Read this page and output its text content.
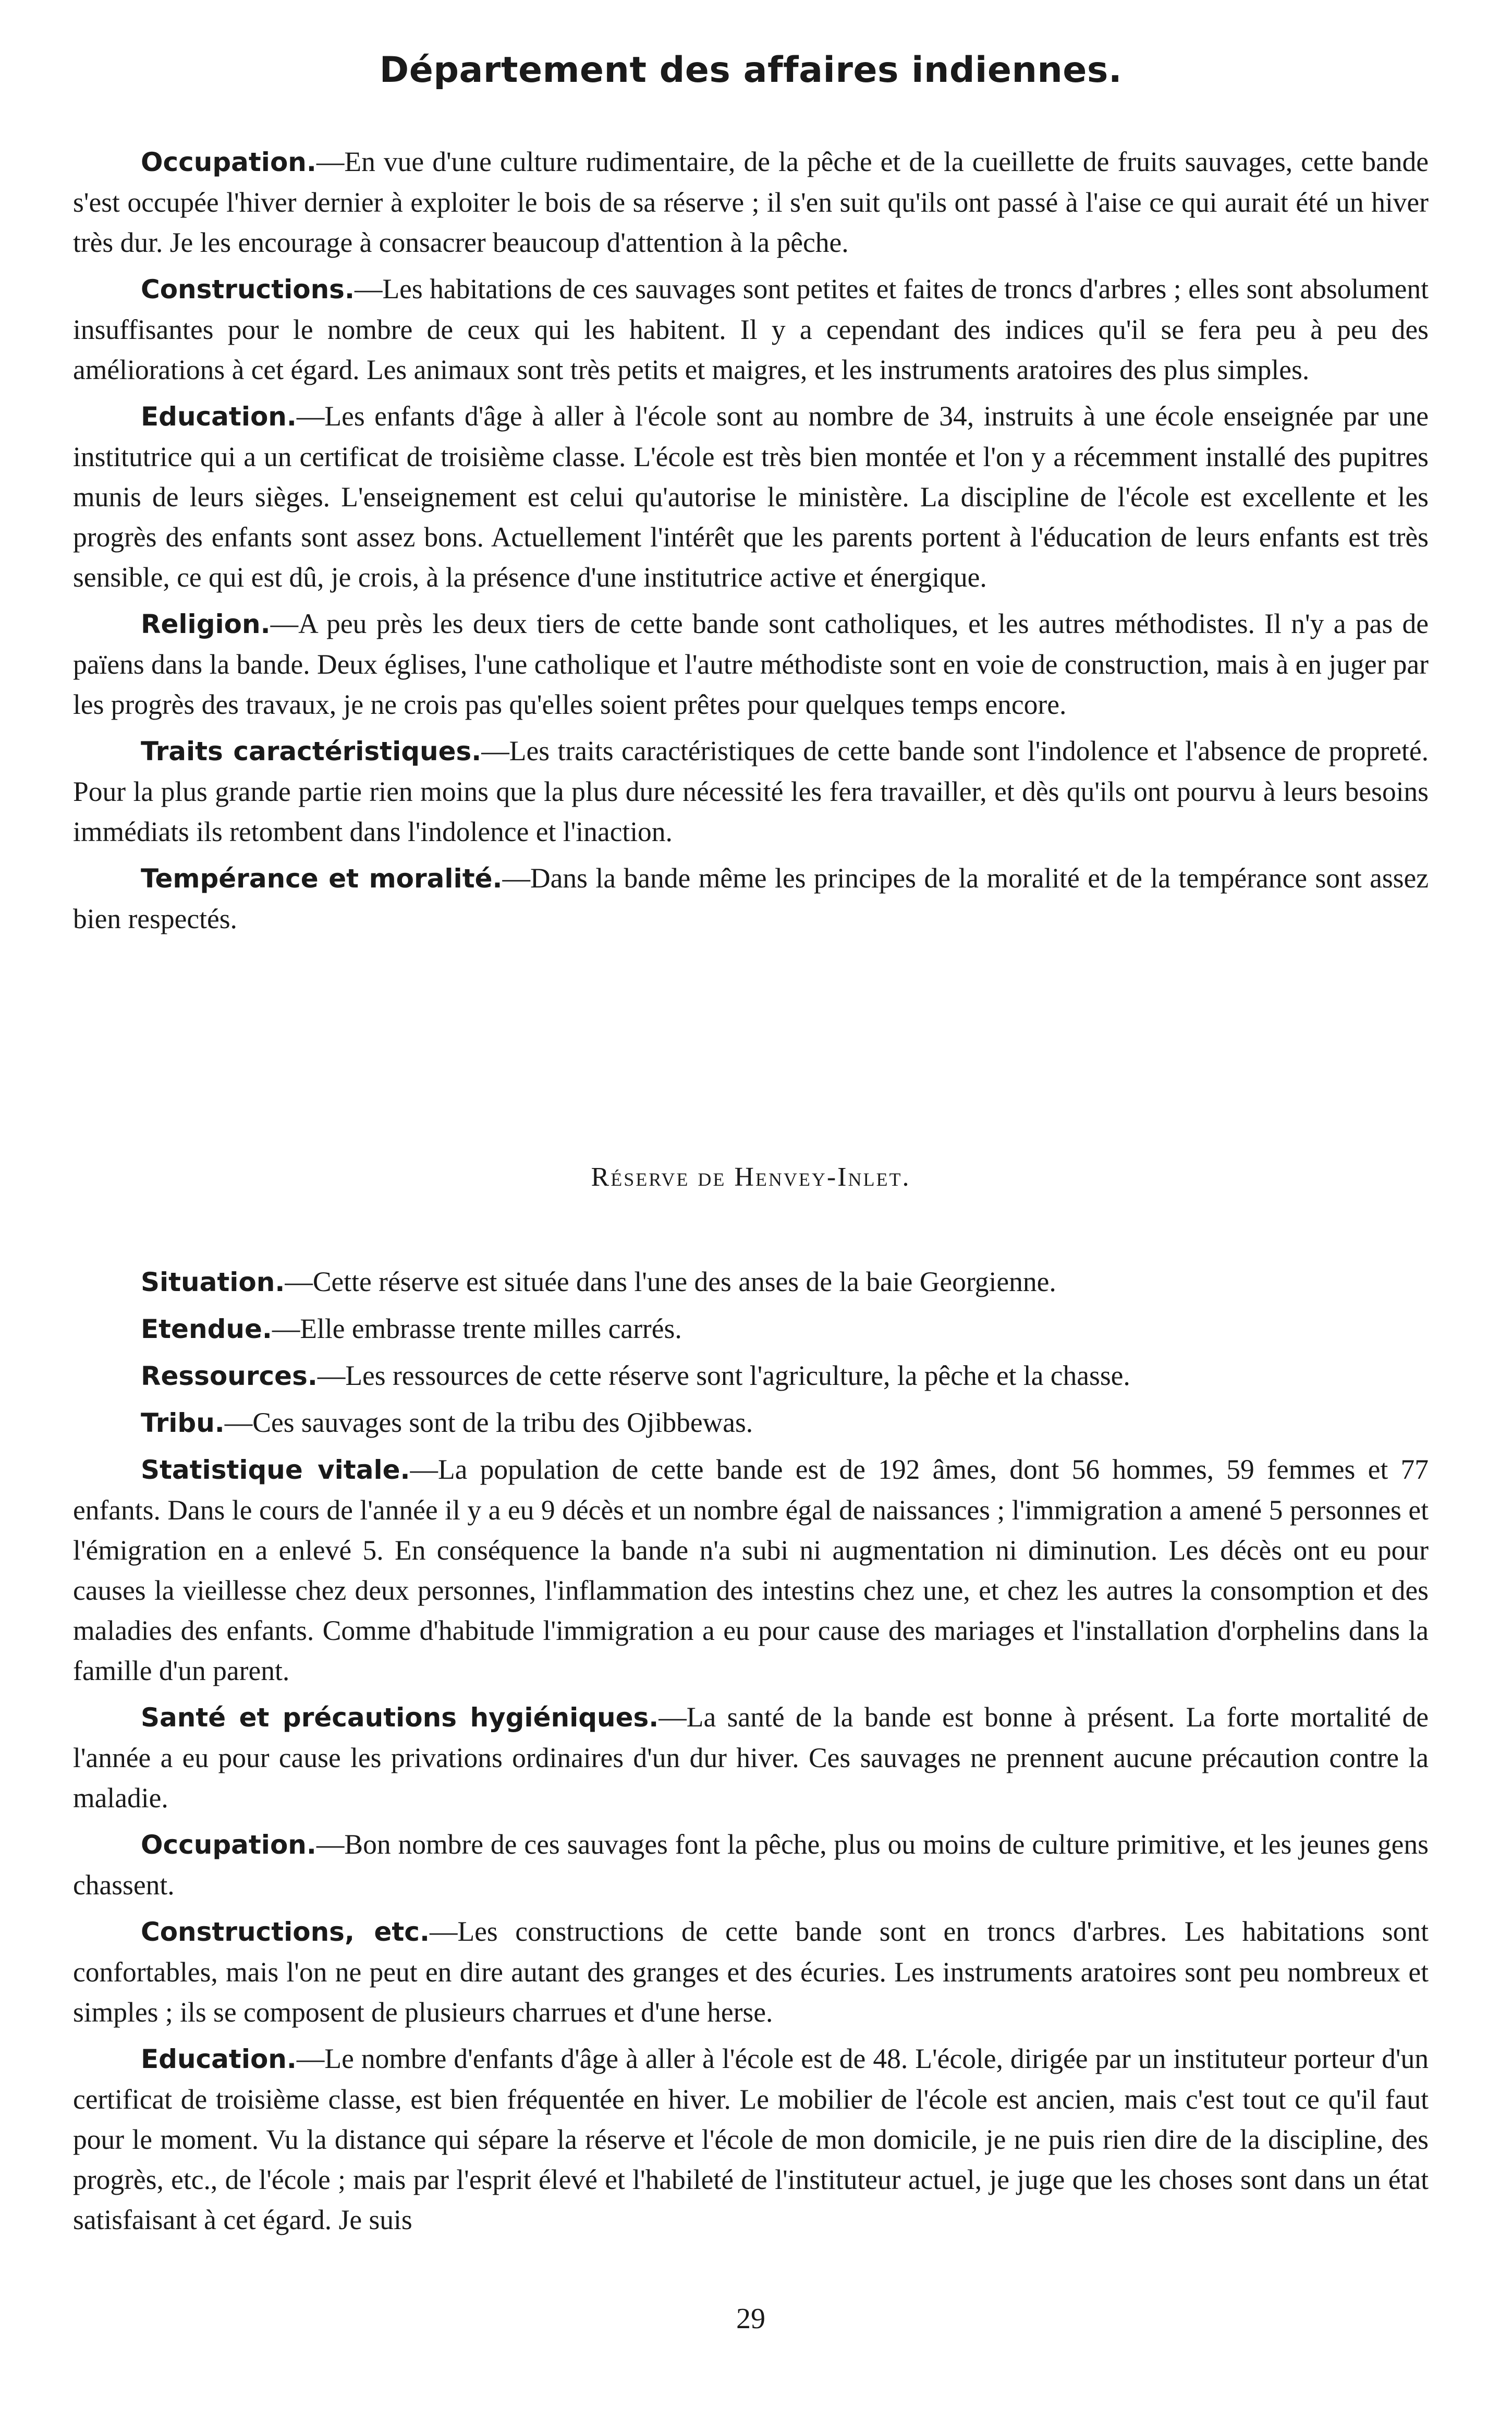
Département des affaires indiennes.

Occupation.—En vue d'une culture rudimentaire, de la pêche et de la cueillette de fruits sauvages, cette bande s'est occupée l'hiver dernier à exploiter le bois de sa réserve ; il s'en suit qu'ils ont passé à l'aise ce qui aurait été un hiver très dur. Je les encourage à consacrer beaucoup d'attention à la pêche.

Constructions.—Les habitations de ces sauvages sont petites et faites de troncs d'arbres ; elles sont absolument insuffisantes pour le nombre de ceux qui les habitent. Il y a cependant des indices qu'il se fera peu à peu des améliorations à cet égard. Les animaux sont très petits et maigres, et les instruments aratoires des plus simples.

Education.—Les enfants d'âge à aller à l'école sont au nombre de 34, instruits à une école enseignée par une institutrice qui a un certificat de troisième classe. L'école est très bien montée et l'on y a récemment installé des pupitres munis de leurs sièges. L'enseignement est celui qu'autorise le ministère. La discipline de l'école est excellente et les progrès des enfants sont assez bons. Actuellement l'intérêt que les parents portent à l'éducation de leurs enfants est très sensible, ce qui est dû, je crois, à la présence d'une institutrice active et énergique.

Religion.—A peu près les deux tiers de cette bande sont catholiques, et les autres méthodistes. Il n'y a pas de païens dans la bande. Deux églises, l'une catholique et l'autre méthodiste sont en voie de construction, mais à en juger par les progrès des travaux, je ne crois pas qu'elles soient prêtes pour quelques temps encore.

Traits caractéristiques.—Les traits caractéristiques de cette bande sont l'indolence et l'absence de propreté. Pour la plus grande partie rien moins que la plus dure nécessité les fera travailler, et dès qu'ils ont pourvu à leurs besoins immédiats ils retombent dans l'indolence et l'inaction.

Tempérance et moralité.—Dans la bande même les principes de la moralité et de la tempérance sont assez bien respectés.

Réserve de Henvey-Inlet.

Situation.—Cette réserve est située dans l'une des anses de la baie Georgienne.

Etendue.—Elle embrasse trente milles carrés.

Ressources.—Les ressources de cette réserve sont l'agriculture, la pêche et la chasse.

Tribu.—Ces sauvages sont de la tribu des Ojibbewas.

Statistique vitale.—La population de cette bande est de 192 âmes, dont 56 hommes, 59 femmes et 77 enfants. Dans le cours de l'année il y a eu 9 décès et un nombre égal de naissances ; l'immigration a amené 5 personnes et l'émigration en a enlevé 5. En conséquence la bande n'a subi ni augmentation ni diminution. Les décès ont eu pour causes la vieillesse chez deux personnes, l'inflammation des intestins chez une, et chez les autres la consomption et des maladies des enfants. Comme d'habitude l'immigration a eu pour cause des mariages et l'installation d'orphelins dans la famille d'un parent.

Santé et précautions hygiéniques.—La santé de la bande est bonne à présent. La forte mortalité de l'année a eu pour cause les privations ordinaires d'un dur hiver. Ces sauvages ne prennent aucune précaution contre la maladie.

Occupation.—Bon nombre de ces sauvages font la pêche, plus ou moins de culture primitive, et les jeunes gens chassent.

Constructions, etc.—Les constructions de cette bande sont en troncs d'arbres. Les habitations sont confortables, mais l'on ne peut en dire autant des granges et des écuries. Les instruments aratoires sont peu nombreux et simples ; ils se composent de plusieurs charrues et d'une herse.

Education.—Le nombre d'enfants d'âge à aller à l'école est de 48. L'école, dirigée par un instituteur porteur d'un certificat de troisième classe, est bien fréquentée en hiver. Le mobilier de l'école est ancien, mais c'est tout ce qu'il faut pour le moment. Vu la distance qui sépare la réserve et l'école de mon domicile, je ne puis rien dire de la discipline, des progrès, etc., de l'école ; mais par l'esprit élevé et l'habileté de l'instituteur actuel, je juge que les choses sont dans un état satisfaisant à cet égard. Je suis

29
